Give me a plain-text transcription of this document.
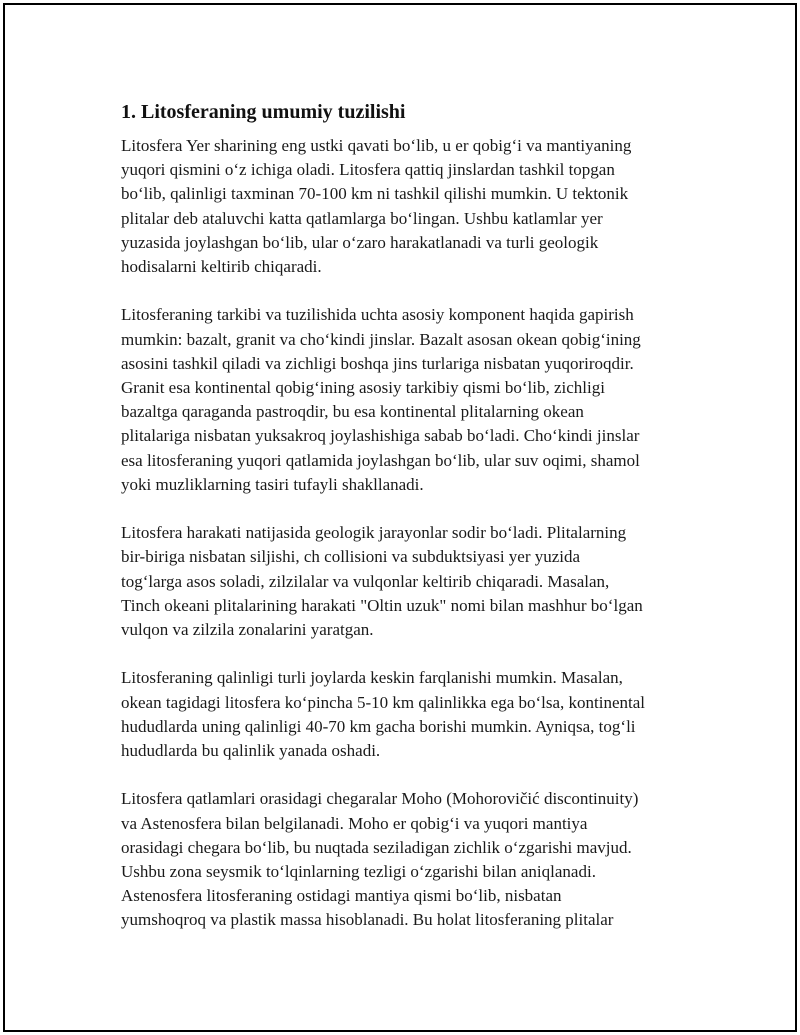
1. Litosferaning umumiy tuzilishi

Litosfera Yer sharining eng ustki qavati bo‘lib, u er qobig‘i va mantiyaning
yuqori qismini o‘z ichiga oladi. Litosfera qattiq jinslardan tashkil topgan
bo‘lib, qalinligi taxminan 70-100 km ni tashkil qilishi mumkin. U tektonik
plitalar deb ataluvchi katta qatlamlarga bo‘lingan. Ushbu katlamlar yer
yuzasida joylashgan bo‘lib, ular o‘zaro harakatlanadi va turli geologik
hodisalarni keltirib chiqaradi.

Litosferaning tarkibi va tuzilishida uchta asosiy komponent haqida gapirish
mumkin: bazalt, granit va cho‘kindi jinslar. Bazalt asosan okean qobig‘ining
asosini tashkil qiladi va zichligi boshqa jins turlariga nisbatan yuqoriroqdir.
Granit esa kontinental qobig‘ining asosiy tarkibiy qismi bo‘lib, zichligi
bazaltga qaraganda pastroqdir, bu esa kontinental plitalarning okean
plitalariga nisbatan yuksakroq joylashishiga sabab bo‘ladi. Cho‘kindi jinslar
esa litosferaning yuqori qatlamida joylashgan bo‘lib, ular suv oqimi, shamol
yoki muzliklarning tasiri tufayli shakllanadi.

Litosfera harakati natijasida geologik jarayonlar sodir bo‘ladi. Plitalarning
bir-biriga nisbatan siljishi, ch collisioni va subduktsiyasi yer yuzida
tog‘larga asos soladi, zilzilalar va vulqonlar keltirib chiqaradi. Masalan,
Tinch okeani plitalarining harakati "Oltin uzuk" nomi bilan mashhur bo‘lgan
vulqon va zilzila zonalarini yaratgan.

Litosferaning qalinligi turli joylarda keskin farqlanishi mumkin. Masalan,
okean tagidagi litosfera ko‘pincha 5-10 km qalinlikka ega bo‘lsa, kontinental
hududlarda uning qalinligi 40-70 km gacha borishi mumkin. Ayniqsa, tog‘li
hududlarda bu qalinlik yanada oshadi.

Litosfera qatlamlari orasidagi chegaralar Moho (Mohorovičić discontinuity)
va Astenosfera bilan belgilanadi. Moho er qobig‘i va yuqori mantiya
orasidagi chegara bo‘lib, bu nuqtada seziladigan zichlik o‘zgarishi mavjud.
Ushbu zona seysmik to‘lqinlarning tezligi o‘zgarishi bilan aniqlanadi.
Astenosfera litosferaning ostidagi mantiya qismi bo‘lib, nisbatan
yumshoqroq va plastik massa hisoblanadi. Bu holat litosferaning plitalar
